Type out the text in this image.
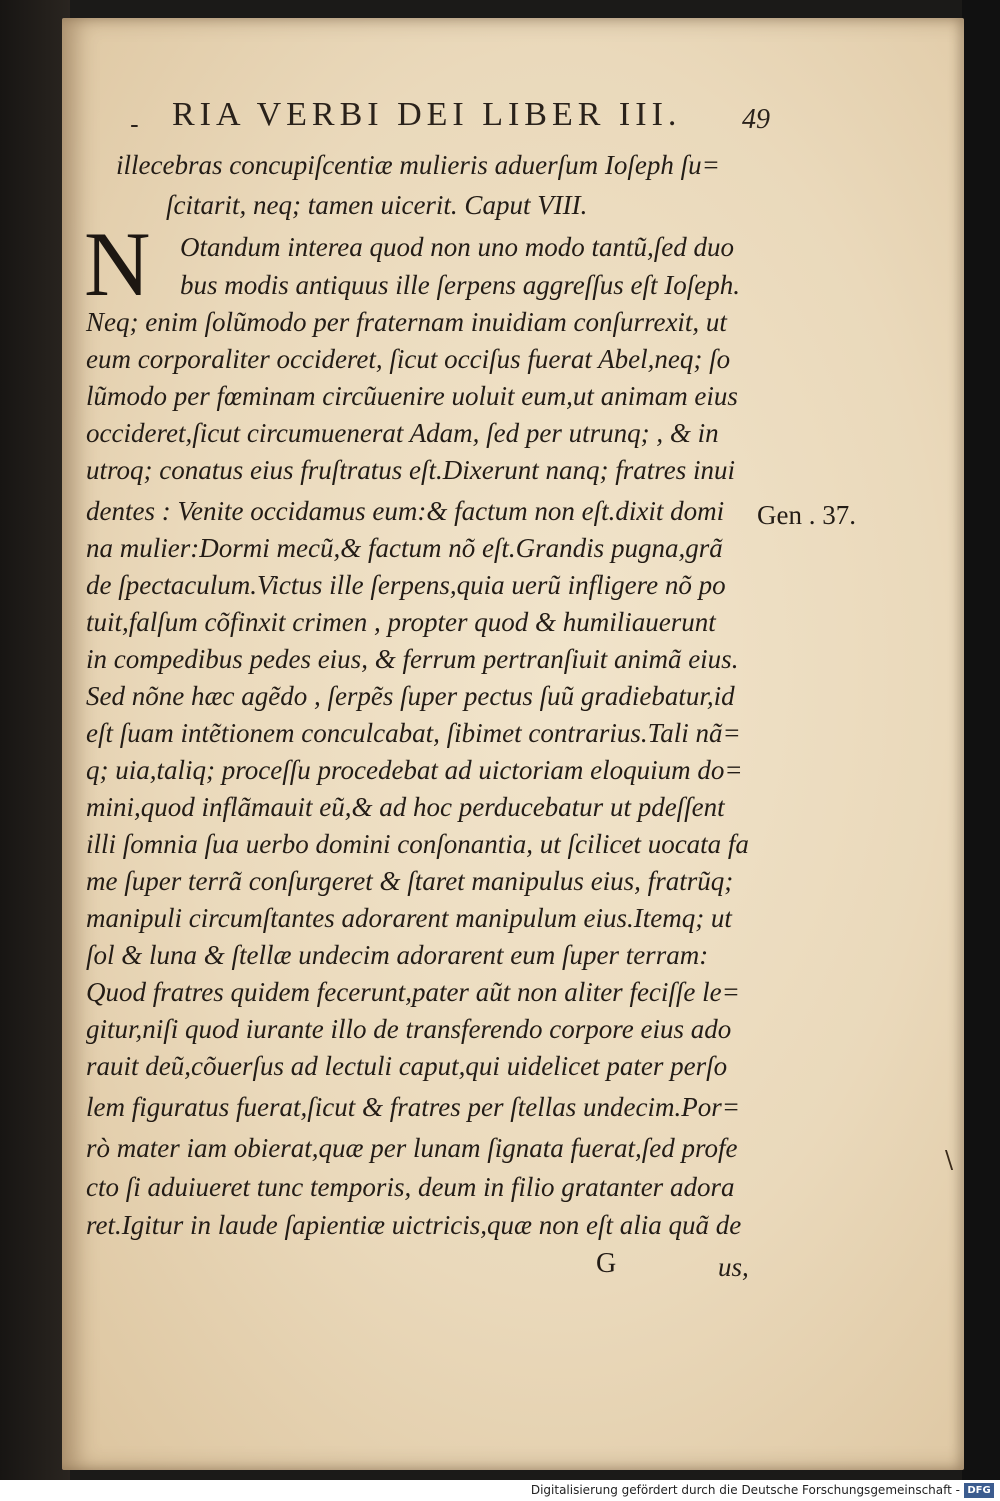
- RIA VERBI DEI LIBER III. 49
illecebras concupiſcentiæ mulieris aduerſum Ioſeph ſu=
ſcitarit, neq; tamen uicerit. Caput VIII.
N Otandum interea quod non uno modo tantũ,ſed duo
bus modis antiquus ille ſerpens aggreſſus eſt Ioſeph.
Neq; enim ſolũmodo per fraternam inuidiam conſurrexit, ut
eum corporaliter occideret, ſicut occiſus fuerat Abel,neq; ſo
lũmodo per fœminam circũuenire uoluit eum,ut animam eius
occideret,ſicut circumuenerat Adam, ſed per utrunq; , & in
utroq; conatus eius fruſtratus eſt.Dixerunt nanq; fratres inui
dentes : Venite occidamus eum:& factum non eſt.dixit domi Gen . 37.
na mulier:Dormi mecũ,& factum nõ eſt.Grandis pugna,grã
de ſpectaculum.Victus ille ſerpens,quia uerũ infligere nõ po
tuit,falſum cõfinxit crimen , propter quod & humiliauerunt
in compedibus pedes eius, & ferrum pertranſiuit animã eius.
Sed nõne hæc agẽdo , ſerpẽs ſuper pectus ſuũ gradiebatur,id
eſt ſuam intẽtionem conculcabat, ſibimet contrarius.Tali nã=
q; uia,taliq; proceſſu procedebat ad uictoriam eloquium do=
mini,quod inflãmauit eũ,& ad hoc perducebatur ut pdeſſent
illi ſomnia ſua uerbo domini conſonantia, ut ſcilicet uocata fa
me ſuper terrã conſurgeret & ſtaret manipulus eius, fratrũq;
manipuli circumſtantes adorarent manipulum eius.Itemq; ut
ſol & luna & ſtellæ undecim adorarent eum ſuper terram:
Quod fratres quidem fecerunt,pater aũt non aliter feciſſe le=
gitur,niſi quod iurante illo de transferendo corpore eius ado
rauit deũ,cõuerſus ad lectuli caput,qui uidelicet pater perſo
lem figuratus fuerat,ſicut & fratres per ſtellas undecim.Por=
rò mater iam obierat,quæ per lunam ſignata fuerat,ſed profe
cto ſi aduiueret tunc temporis, deum in filio gratanter adora
ret.Igitur in laude ſapientiæ uictricis,quæ non eſt alia quã de
G	us,
\
Digitalisierung gefördert durch die Deutsche Forschungsgemeinschaft - DFG
